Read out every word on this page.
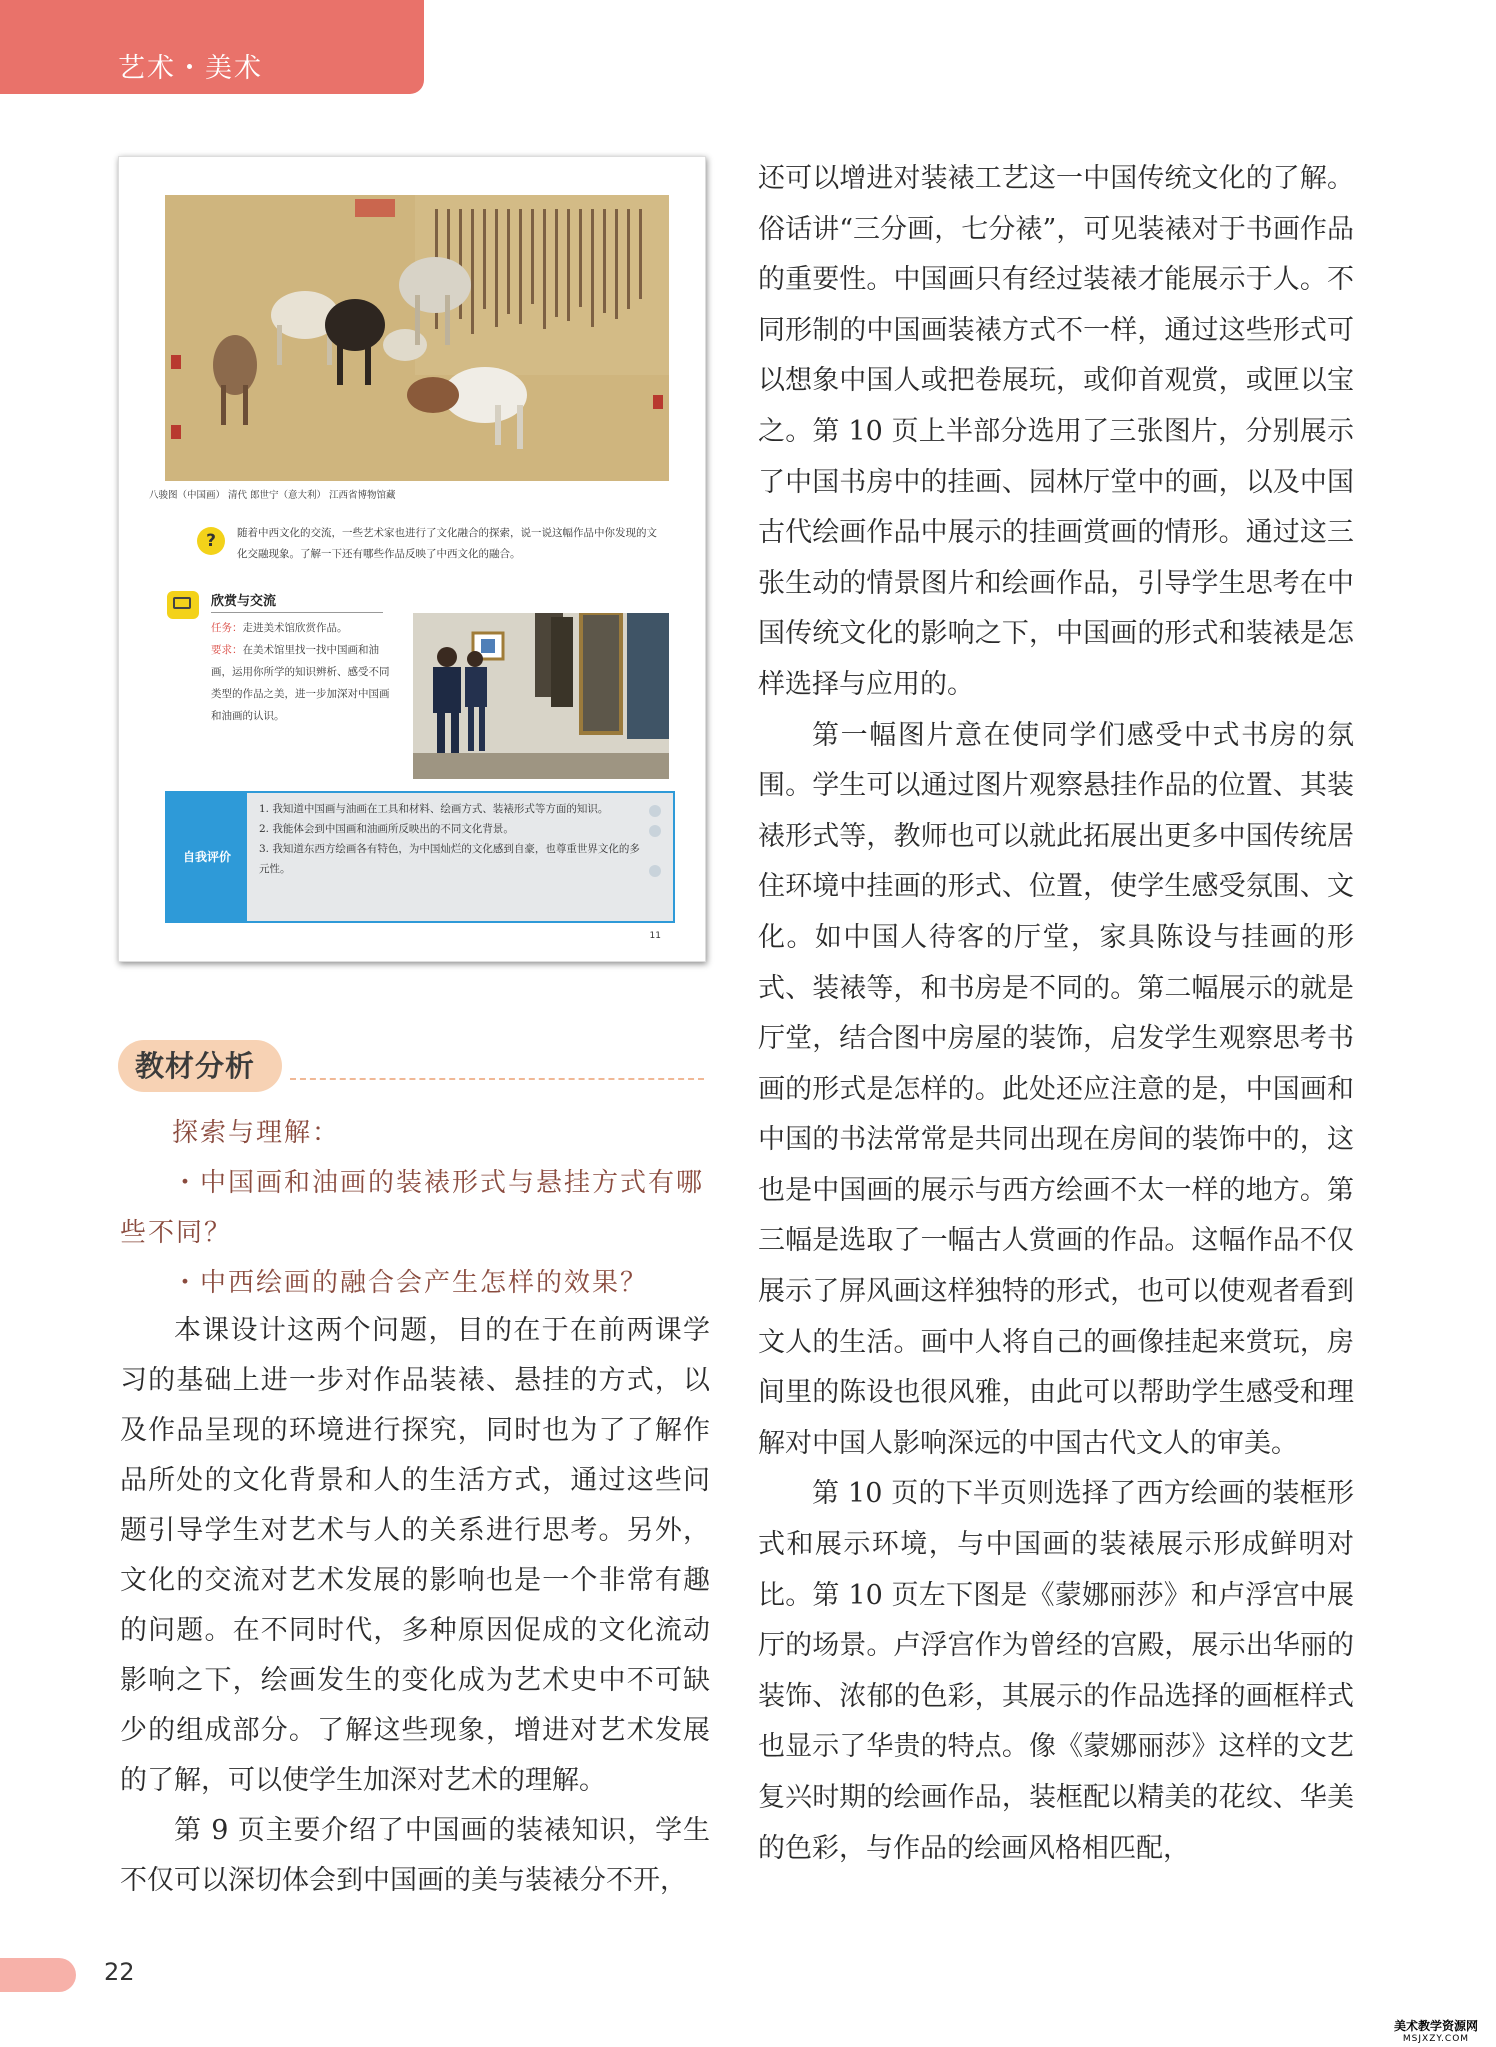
艺术・美术
八骏图（中国画） 清代 郎世宁（意大利） 江西省博物馆藏
?	随着中西文化的交流，一些艺术家也进行了文化融合的探索，说一说这幅作品中你发现的文化交融现象。了解一下还有哪些作品反映了中西文化的融合。
欣赏与交流
任务：走进美术馆欣赏作品。
要求：在美术馆里找一找中国画和油画，运用你所学的知识辨析、感受不同类型的作品之美，进一步加深对中国画和油画的认识。
自我评价
1. 我知道中国画与油画在工具和材料、绘画方式、装裱形式等方面的知识。
2. 我能体会到中国画和油画所反映出的不同文化背景。
3. 我知道东西方绘画各有特色，为中国灿烂的文化感到自豪，也尊重世界文化的多元性。
11
教材分析
探索与理解：
・中国画和油画的装裱形式与悬挂方式有哪些不同？
・中西绘画的融合会产生怎样的效果？

本课设计这两个问题，目的在于在前两课学习的基础上进一步对作品装裱、悬挂的方式，以及作品呈现的环境进行探究，同时也为了了解作品所处的文化背景和人的生活方式，通过这些问题引导学生对艺术与人的关系进行思考。另外，文化的交流对艺术发展的影响也是一个非常有趣的问题。在不同时代，多种原因促成的文化流动影响之下，绘画发生的变化成为艺术史中不可缺少的组成部分。了解这些现象，增进对艺术发展的了解，可以使学生加深对艺术的理解。

第 9 页主要介绍了中国画的装裱知识，学生不仅可以深切体会到中国画的美与装裱分不开，

还可以增进对装裱工艺这一中国传统文化的了解。俗话讲“三分画，七分裱”，可见装裱对于书画作品的重要性。中国画只有经过装裱才能展示于人。不同形制的中国画装裱方式不一样，通过这些形式可以想象中国人或把卷展玩，或仰首观赏，或匣以宝之。第 10 页上半部分选用了三张图片，分别展示了中国书房中的挂画、园林厅堂中的画，以及中国古代绘画作品中展示的挂画赏画的情形。通过这三张生动的情景图片和绘画作品，引导学生思考在中国传统文化的影响之下，中国画的形式和装裱是怎样选择与应用的。

第一幅图片意在使同学们感受中式书房的氛围。学生可以通过图片观察悬挂作品的位置、其装裱形式等，教师也可以就此拓展出更多中国传统居住环境中挂画的形式、位置，使学生感受氛围、文化。如中国人待客的厅堂，家具陈设与挂画的形式、装裱等，和书房是不同的。第二幅展示的就是厅堂，结合图中房屋的装饰，启发学生观察思考书画的形式是怎样的。此处还应注意的是，中国画和中国的书法常常是共同出现在房间的装饰中的，这也是中国画的展示与西方绘画不太一样的地方。第三幅是选取了一幅古人赏画的作品。这幅作品不仅展示了屏风画这样独特的形式，也可以使观者看到文人的生活。画中人将自己的画像挂起来赏玩，房间里的陈设也很风雅，由此可以帮助学生感受和理解对中国人影响深远的中国古代文人的审美。

第 10 页的下半页则选择了西方绘画的装框形式和展示环境，与中国画的装裱展示形成鲜明对比。第 10 页左下图是《蒙娜丽莎》和卢浮宫中展厅的场景。卢浮宫作为曾经的宫殿，展示出华丽的装饰、浓郁的色彩，其展示的作品选择的画框样式也显示了华贵的特点。像《蒙娜丽莎》这样的文艺复兴时期的绘画作品，装框配以精美的花纹、华美的色彩，与作品的绘画风格相匹配，

22
美术教学资源网
MSJXZY.COM
